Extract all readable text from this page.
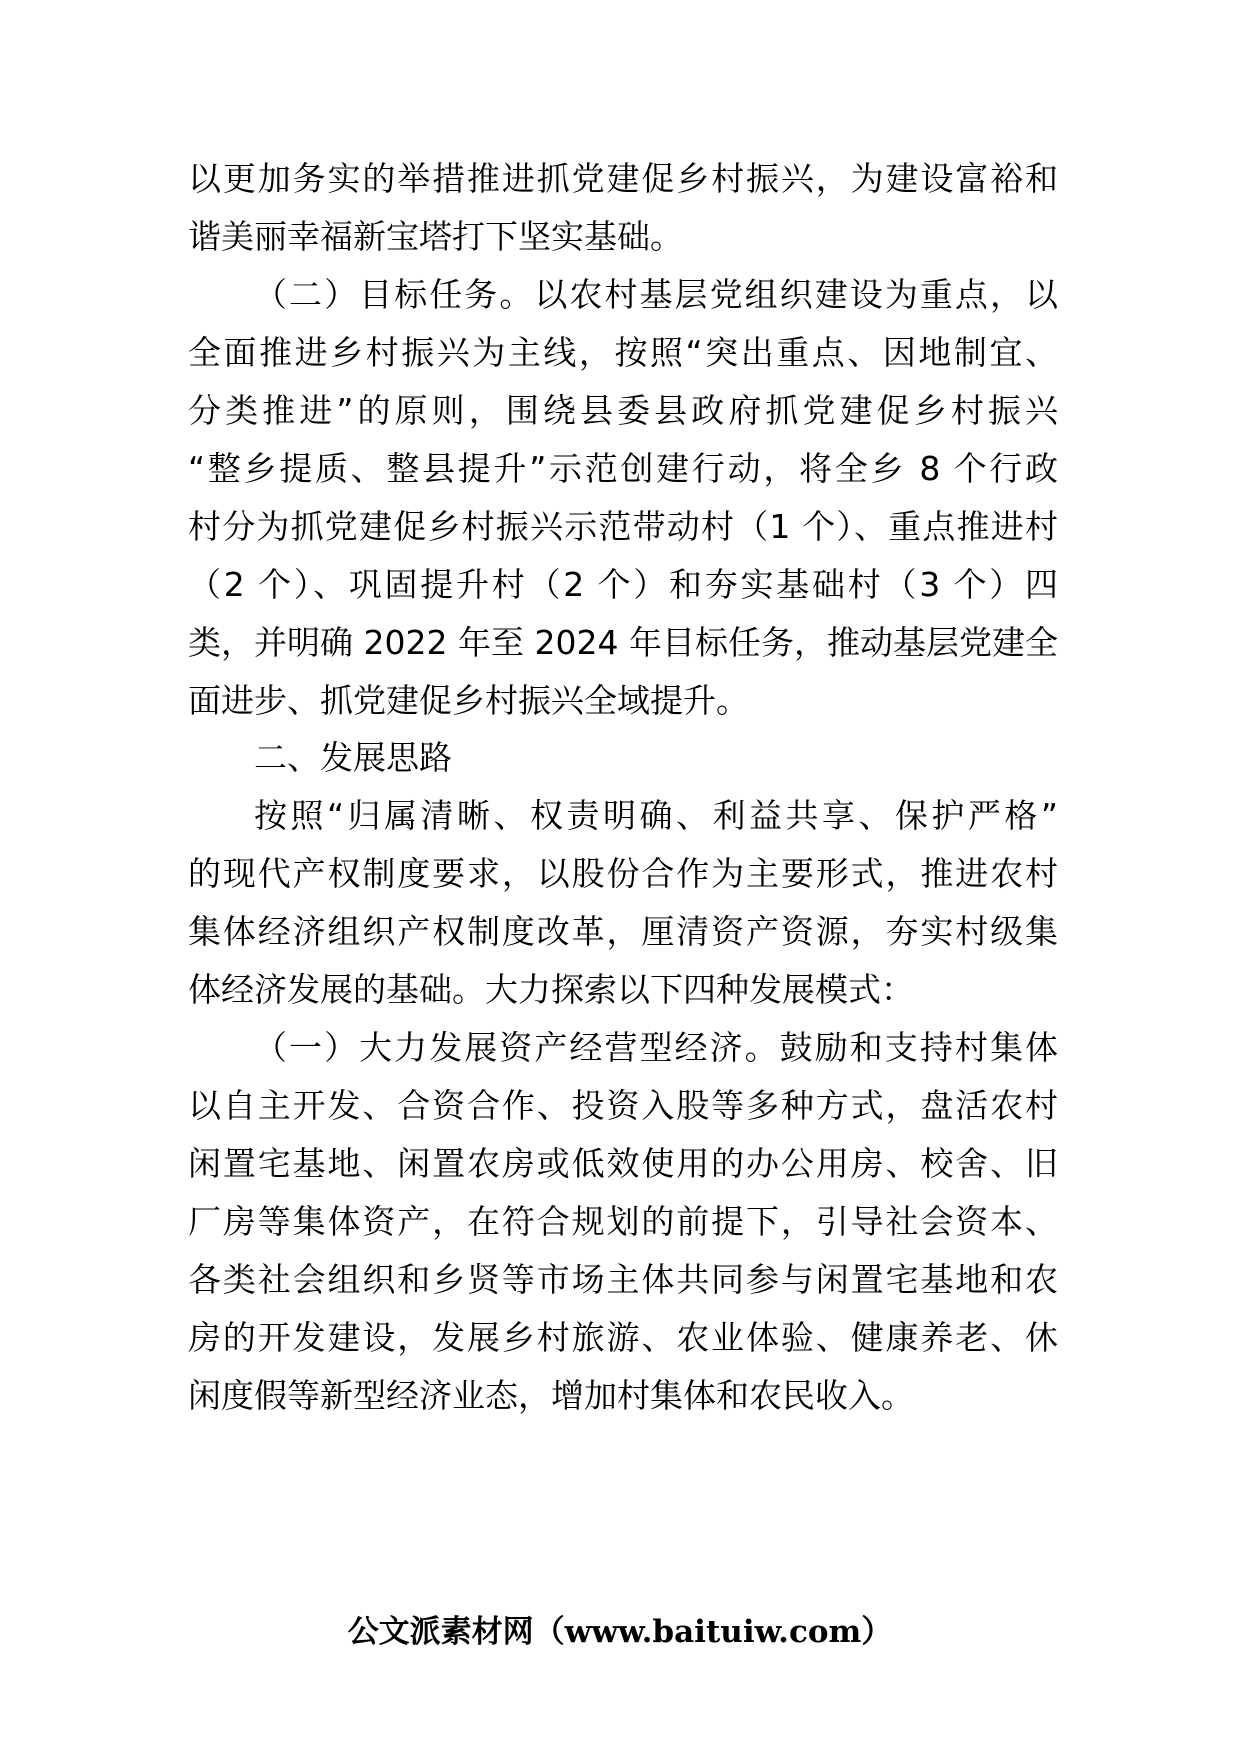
以更加务实的举措推进抓党建促乡村振兴，为建设富裕和
谐美丽幸福新宝塔打下坚实基础。
（二）目标任务。以农村基层党组织建设为重点，以
全面推进乡村振兴为主线，按照“突出重点、因地制宜、
分类推进”的原则，围绕县委县政府抓党建促乡村振兴
“整乡提质、整县提升”示范创建行动，将全乡 8 个行政
村分为抓党建促乡村振兴示范带动村（1 个）、重点推进村
（2 个）、巩固提升村（2 个）和夯实基础村（3 个）四
类，并明确 2022 年至 2024 年目标任务，推动基层党建全
面进步、抓党建促乡村振兴全域提升。
二、发展思路
按照“归属清晰、权责明确、利益共享、保护严格”
的现代产权制度要求，以股份合作为主要形式，推进农村
集体经济组织产权制度改革，厘清资产资源，夯实村级集
体经济发展的基础。大力探索以下四种发展模式：
（一）大力发展资产经营型经济。鼓励和支持村集体
以自主开发、合资合作、投资入股等多种方式，盘活农村
闲置宅基地、闲置农房或低效使用的办公用房、校舍、旧
厂房等集体资产，在符合规划的前提下，引导社会资本、
各类社会组织和乡贤等市场主体共同参与闲置宅基地和农
房的开发建设，发展乡村旅游、农业体验、健康养老、休
闲度假等新型经济业态，增加村集体和农民收入。
公文派素材网（www.baituiw.com）
